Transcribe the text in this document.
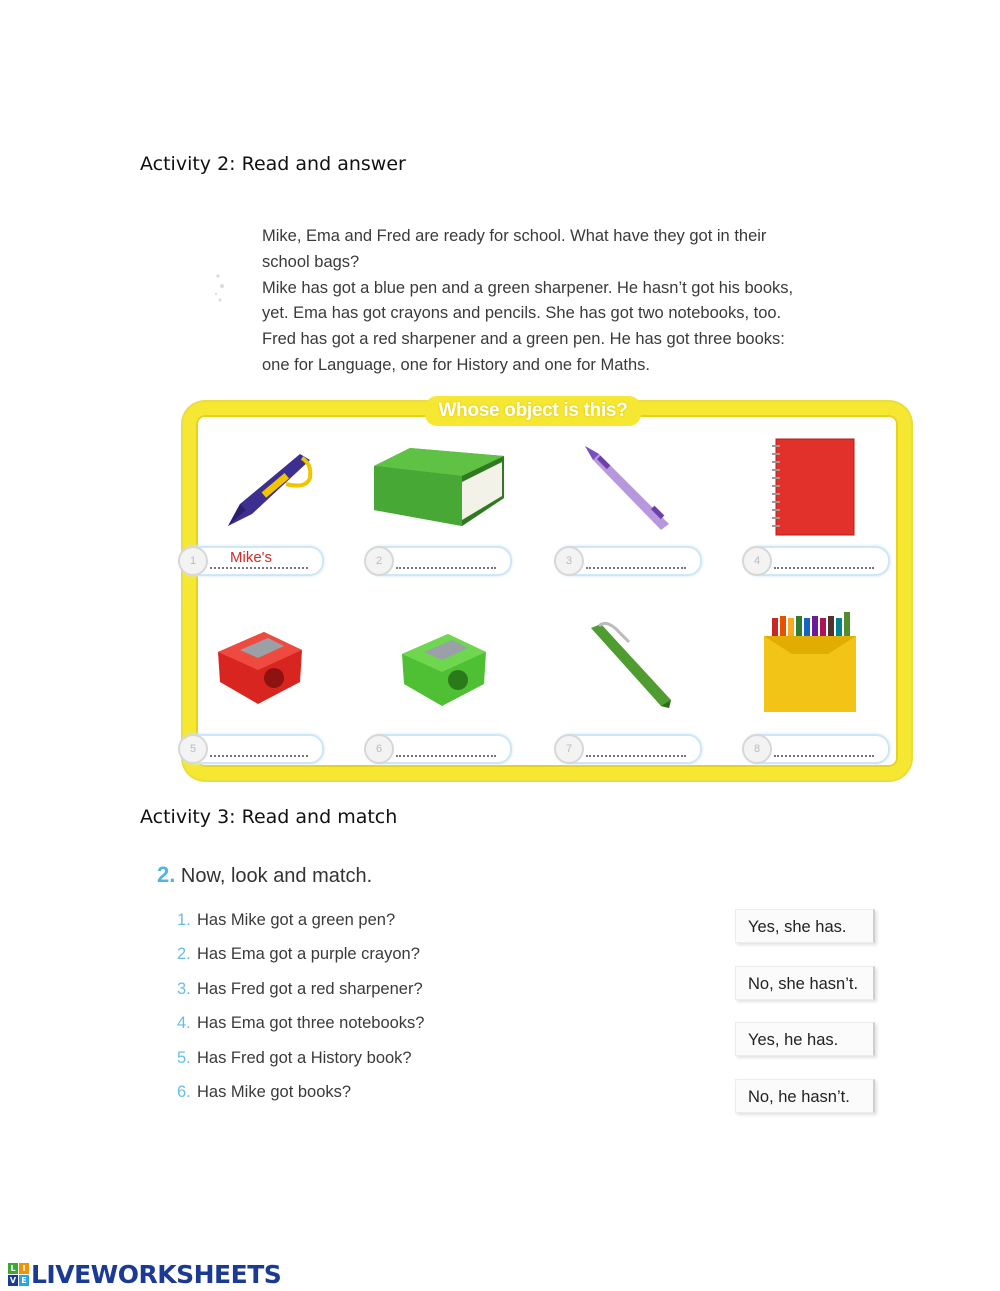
Activity 2: Read and answer

Mike, Ema and Fred are ready for school. What have they got in their

school bags?

Mike has got a blue pen and a green sharpener. He hasn’t got his books,

yet. Ema has got crayons and pencils. She has got two notebooks, too.

Fred has got a red sharpener and a green pen. He has got three books:

one for Language, one for History and one for Maths.

Whose object is this?
1	Mike's	2	3	4
5	6	7	8
Activity 3: Read and match
2. Now, look and match.
1. Has Mike got a green pen?
2. Has Ema got a purple crayon?
3. Has Fred got a red sharpener?
4. Has Ema got three notebooks?
5. Has Fred got a History book?
6. Has Mike got books?
Yes, she has.
No, she hasn’t.
Yes, he has.
No, he hasn’t.
L I
V E LIVEWORKSHEETS
